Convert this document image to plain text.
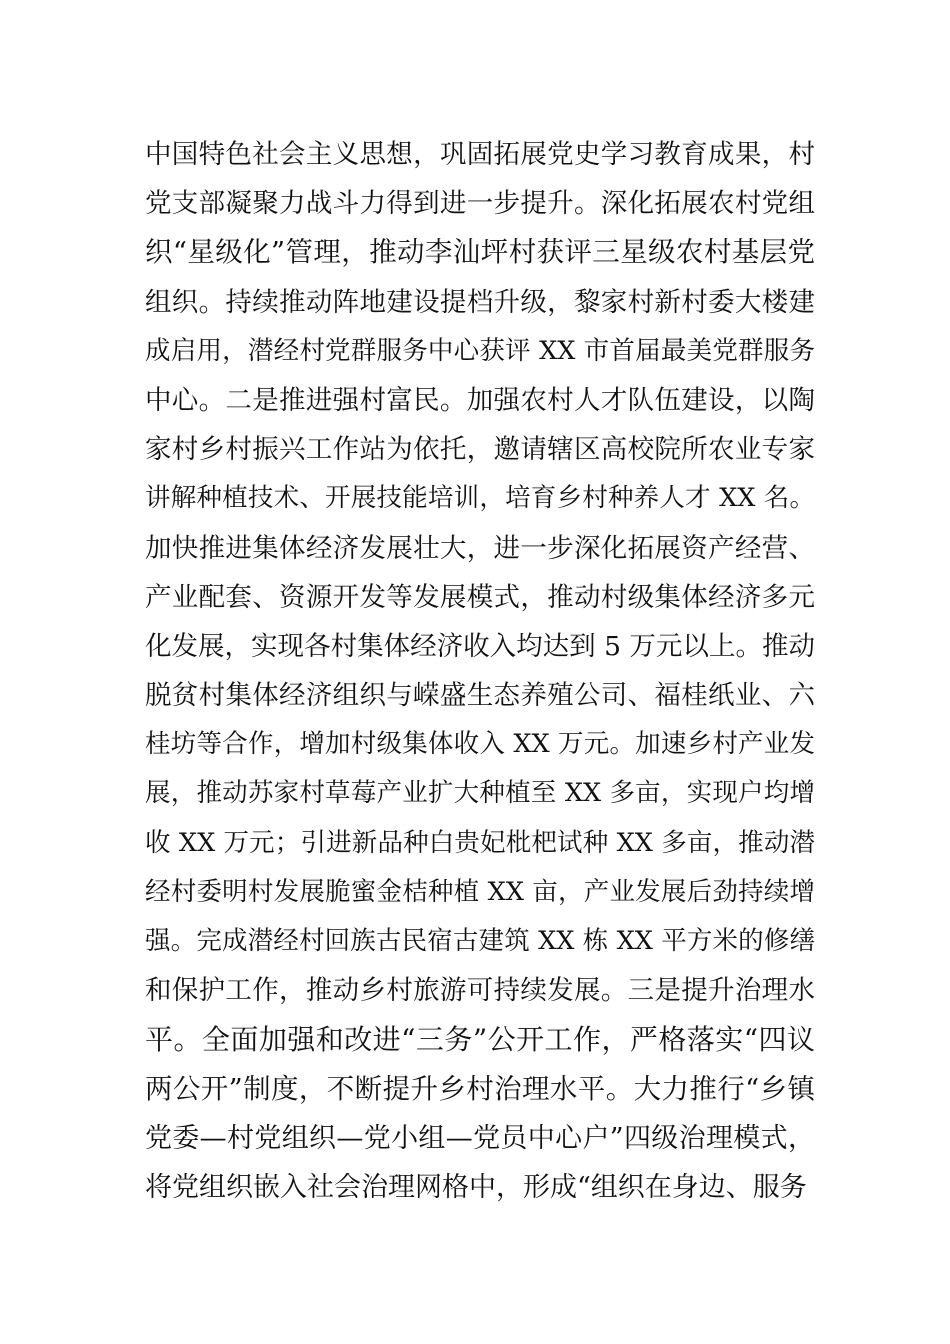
中国特色社会主义思想，巩固拓展党史学习教育成果，村
党支部凝聚力战斗力得到进一步提升。深化拓展农村党组
织“星级化”管理，推动李汕坪村获评三星级农村基层党
组织。持续推动阵地建设提档升级，黎家村新村委大楼建
成启用，潜经村党群服务中心获评 XX 市首届最美党群服务
中心。二是推进强村富民。加强农村人才队伍建设，以陶
家村乡村振兴工作站为依托，邀请辖区高校院所农业专家
讲解种植技术、开展技能培训，培育乡村种养人才 XX 名。
加快推进集体经济发展壮大，进一步深化拓展资产经营、
产业配套、资源开发等发展模式，推动村级集体经济多元
化发展，实现各村集体经济收入均达到 5 万元以上。推动
脱贫村集体经济组织与嵘盛生态养殖公司、福桂纸业、六
桂坊等合作，增加村级集体收入 XX 万元。加速乡村产业发
展，推动苏家村草莓产业扩大种植至 XX 多亩，实现户均增
收 XX 万元；引进新品种白贵妃枇杷试种 XX 多亩，推动潜
经村委明村发展脆蜜金桔种植 XX 亩，产业发展后劲持续增
强。完成潜经村回族古民宿古建筑 XX 栋 XX 平方米的修缮
和保护工作，推动乡村旅游可持续发展。三是提升治理水
平。全面加强和改进“三务”公开工作，严格落实“四议
两公开”制度，不断提升乡村治理水平。大力推行“乡镇
党委—村党组织—党小组—党员中心户”四级治理模式，
将党组织嵌入社会治理网格中，形成“组织在身边、服务
